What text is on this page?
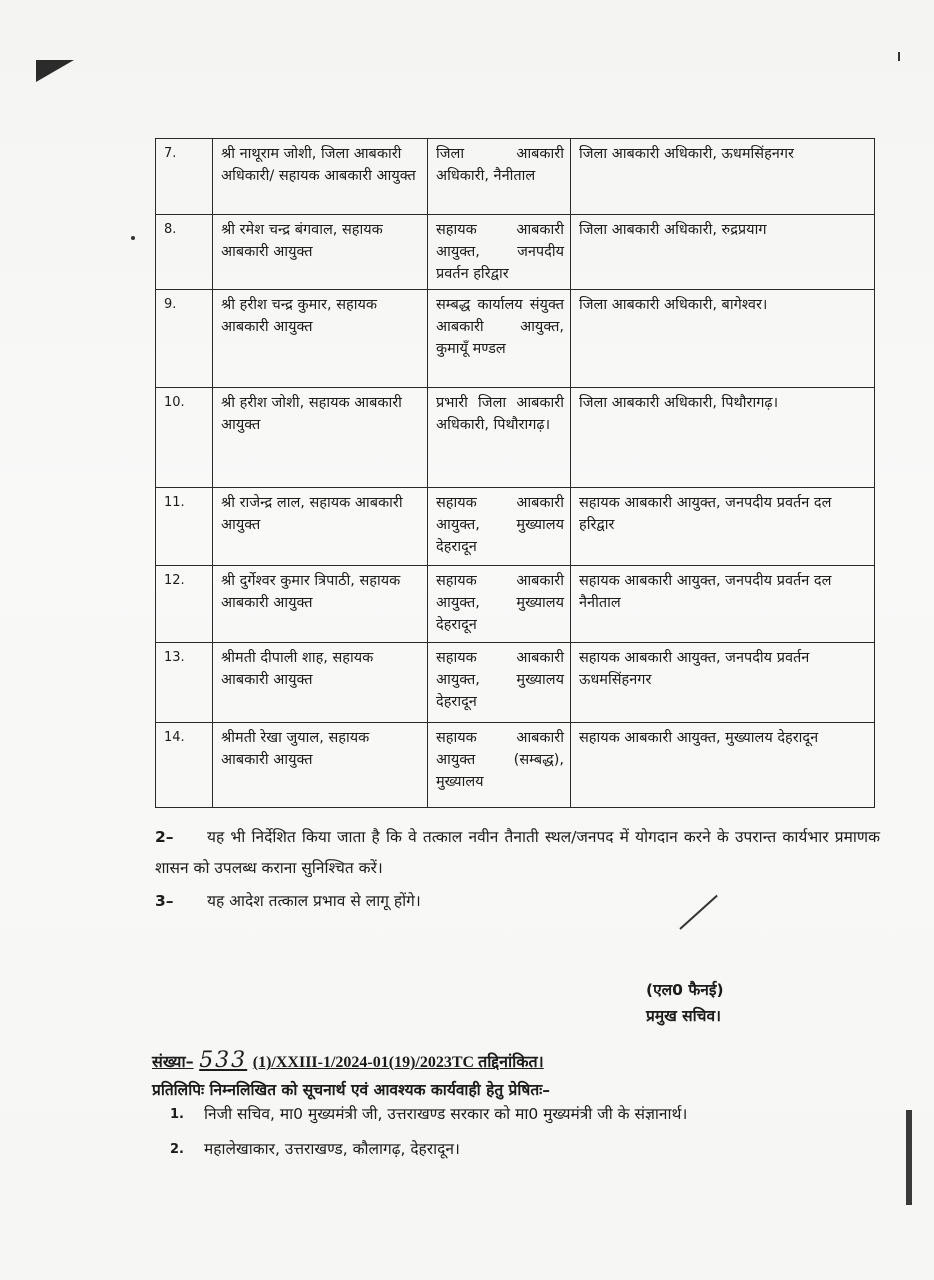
7.	श्री नाथूराम जोशी, जिला आबकारी अधिकारी/ सहायक आबकारी आयुक्त	जिला आबकारी अधिकारी, नैनीताल	जिला आबकारी अधिकारी, ऊधमसिंहनगर
8.	श्री रमेश चन्द्र बंगवाल, सहायक आबकारी आयुक्त	सहायक आबकारी आयुक्त, जनपदीय प्रवर्तन हरिद्वार	जिला आबकारी अधिकारी, रुद्रप्रयाग
9.	श्री हरीश चन्द्र कुमार, सहायक आबकारी आयुक्त	सम्बद्ध कार्यालय संयुक्त आबकारी आयुक्त, कुमायूँ मण्डल	जिला आबकारी अधिकारी, बागेश्वर।
10.	श्री हरीश जोशी, सहायक आबकारी आयुक्त	प्रभारी जिला आबकारी अधिकारी, पिथौरागढ़।	जिला आबकारी अधिकारी, पिथौरागढ़।
11.	श्री राजेन्द्र लाल, सहायक आबकारी आयुक्त	सहायक आबकारी आयुक्त, मुख्यालय देहरादून	सहायक आबकारी आयुक्त, जनपदीय प्रवर्तन दल हरिद्वार
12.	श्री दुर्गेश्वर कुमार त्रिपाठी, सहायक आबकारी आयुक्त	सहायक आबकारी आयुक्त, मुख्यालय देहरादून	सहायक आबकारी आयुक्त, जनपदीय प्रवर्तन दल नैनीताल
13.	श्रीमती दीपाली शाह, सहायक आबकारी आयुक्त	सहायक आबकारी आयुक्त, मुख्यालय देहरादून	सहायक आबकारी आयुक्त, जनपदीय प्रवर्तन ऊधमसिंहनगर
14.	श्रीमती रेखा जुयाल, सहायक आबकारी आयुक्त	सहायक आबकारी आयुक्त (सम्बद्ध), मुख्यालय	सहायक आबकारी आयुक्त, मुख्यालय देहरादून
2– यह भी निर्देशित किया जाता है कि वे तत्काल नवीन तैनाती स्थल/जनपद में योगदान करने के उपरान्त कार्यभार प्रमाणक शासन को उपलब्ध कराना सुनिश्चित करें।
3– यह आदेश तत्काल प्रभाव से लागू होंगे।
(एल0 फैनई)
प्रमुख सचिव।
संख्या– 533 (1)/XXIII-1/2024-01(19)/2023TC तद्दिनांकित।
प्रतिलिपिः निम्नलिखित को सूचनार्थ एवं आवश्यक कार्यवाही हेतु प्रेषितः–
1. निजी सचिव, मा0 मुख्यमंत्री जी, उत्तराखण्ड सरकार को मा0 मुख्यमंत्री जी के संज्ञानार्थ।
2. महालेखाकार, उत्तराखण्ड, कौलागढ़, देहरादून।
